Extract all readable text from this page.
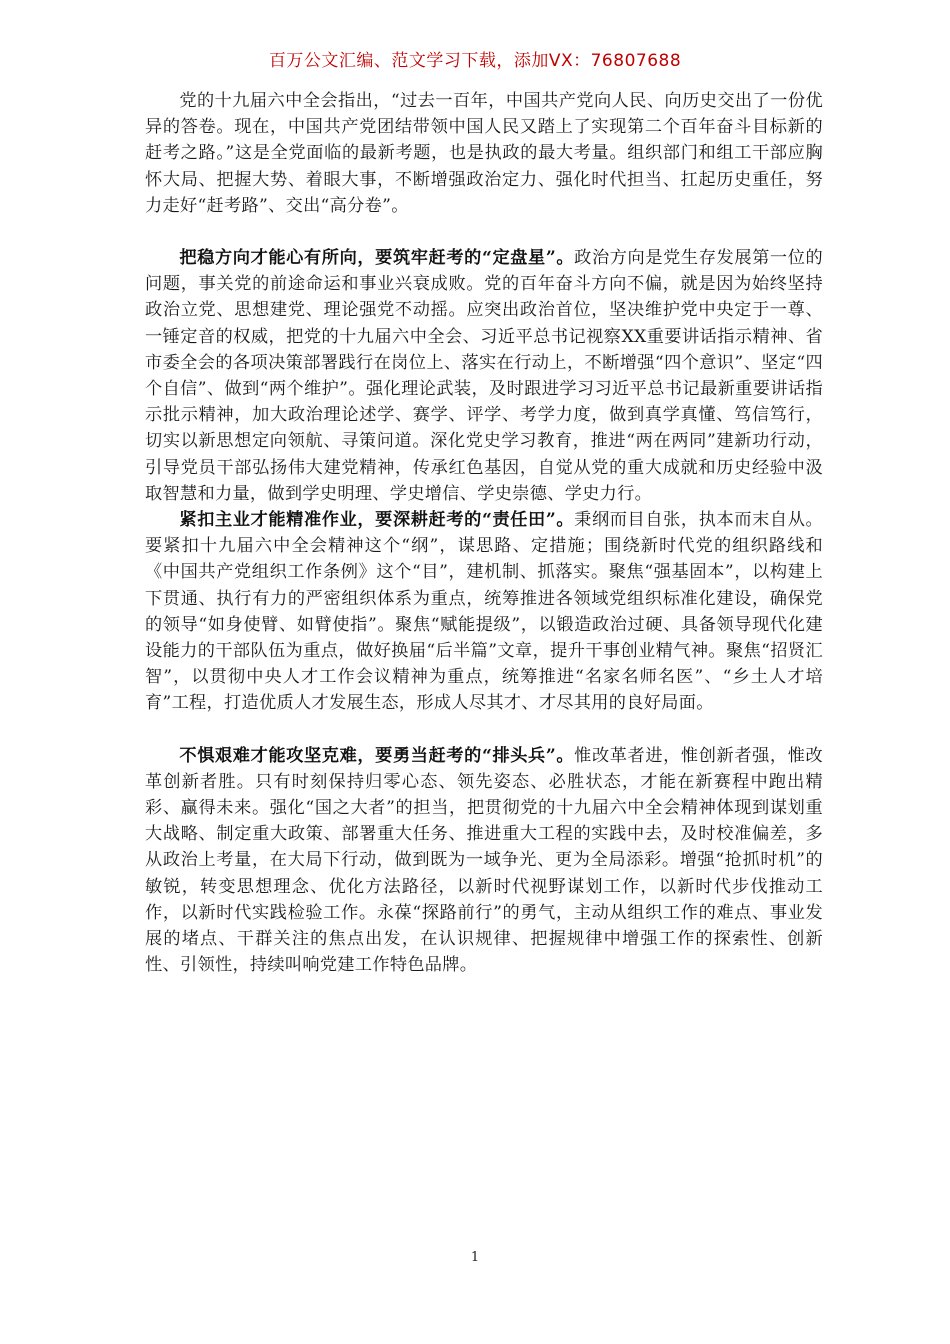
百万公文汇编、范文学习下载，添加VX：76807688

党的十九届六中全会指出，“过去一百年，中国共产党向人民、向历史交出了一份优异的答卷。现在，中国共产党团结带领中国人民又踏上了实现第二个百年奋斗目标新的赶考之路。”这是全党面临的最新考题，也是执政的最大考量。组织部门和组工干部应胸怀大局、把握大势、着眼大事，不断增强政治定力、强化时代担当、扛起历史重任，努力走好“赶考路”、交出“高分卷”。

把稳方向才能心有所向，要筑牢赶考的“定盘星”。政治方向是党生存发展第一位的问题，事关党的前途命运和事业兴衰成败。党的百年奋斗方向不偏，就是因为始终坚持政治立党、思想建党、理论强党不动摇。应突出政治首位，坚决维护党中央定于一尊、一锤定音的权威，把党的十九届六中全会、习近平总书记视察XX重要讲话指示精神、省市委全会的各项决策部署践行在岗位上、落实在行动上，不断增强“四个意识”、坚定“四个自信”、做到“两个维护”。强化理论武装，及时跟进学习习近平总书记最新重要讲话指示批示精神，加大政治理论述学、赛学、评学、考学力度，做到真学真懂、笃信笃行，切实以新思想定向领航、寻策问道。深化党史学习教育，推进“两在两同”建新功行动，引导党员干部弘扬伟大建党精神，传承红色基因，自觉从党的重大成就和历史经验中汲取智慧和力量，做到学史明理、学史增信、学史崇德、学史力行。

紧扣主业才能精准作业，要深耕赶考的“责任田”。秉纲而目自张，执本而末自从。要紧扣十九届六中全会精神这个“纲”，谋思路、定措施；围绕新时代党的组织路线和《中国共产党组织工作条例》这个“目”，建机制、抓落实。聚焦“强基固本”，以构建上下贯通、执行有力的严密组织体系为重点，统筹推进各领域党组织标准化建设，确保党的领导“如身使臂、如臂使指”。聚焦“赋能提级”，以锻造政治过硬、具备领导现代化建设能力的干部队伍为重点，做好换届“后半篇”文章，提升干事创业精气神。聚焦“招贤汇智”，以贯彻中央人才工作会议精神为重点，统筹推进“名家名师名医”、“乡土人才培育”工程，打造优质人才发展生态，形成人尽其才、才尽其用的良好局面。

不惧艰难才能攻坚克难，要勇当赶考的“排头兵”。惟改革者进，惟创新者强，惟改革创新者胜。只有时刻保持归零心态、领先姿态、必胜状态，才能在新赛程中跑出精彩、赢得未来。强化“国之大者”的担当，把贯彻党的十九届六中全会精神体现到谋划重大战略、制定重大政策、部署重大任务、推进重大工程的实践中去，及时校准偏差，多从政治上考量，在大局下行动，做到既为一域争光、更为全局添彩。增强“抢抓时机”的敏锐，转变思想理念、优化方法路径，以新时代视野谋划工作，以新时代步伐推动工作，以新时代实践检验工作。永葆“探路前行”的勇气，主动从组织工作的难点、事业发展的堵点、干群关注的焦点出发，在认识规律、把握规律中增强工作的探索性、创新性、引领性，持续叫响党建工作特色品牌。

1
